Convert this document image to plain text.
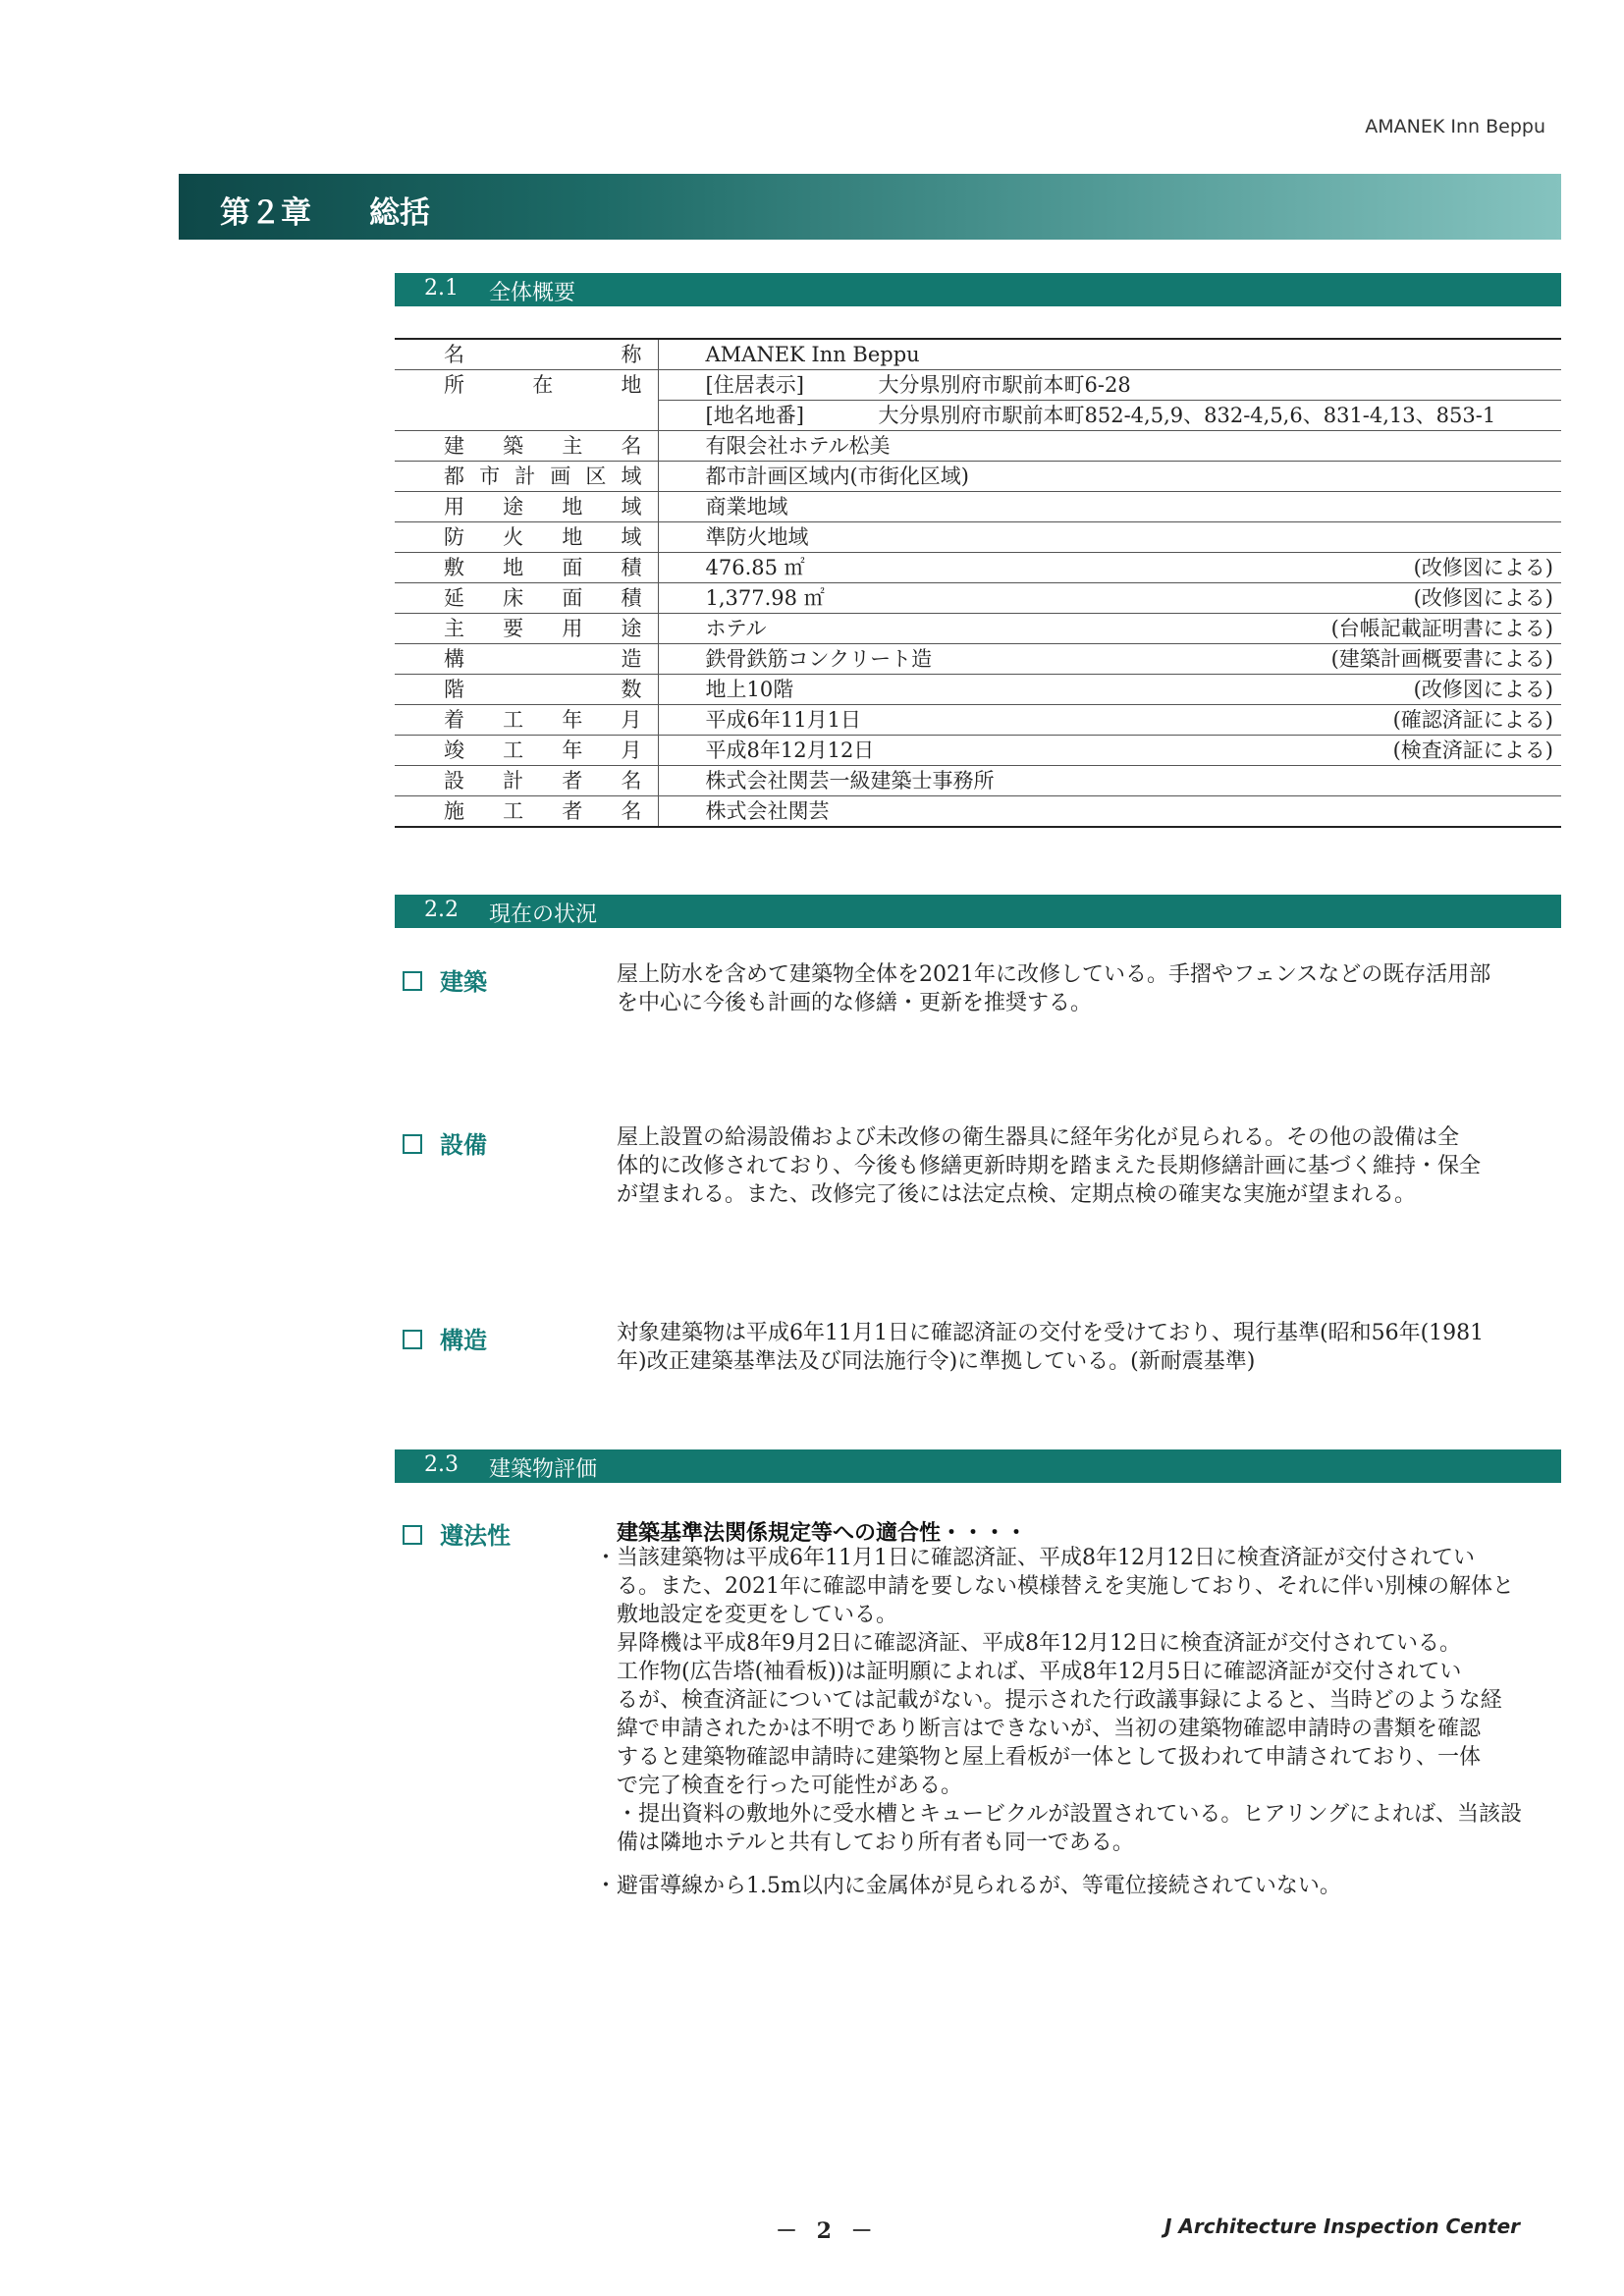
AMANEK Inn Beppu
第２章 総括
2.1 全体概要
名称	AMANEK Inn Beppu
所在地	[住居表示] 大分県別府市駅前本町6-28
	[地名地番] 大分県別府市駅前本町852-4,5,9、832-4,5,6、831-4,13、853-1
建築主名	有限会社ホテル松美
都市計画区域	都市計画区域内(市街化区域)
用途地域	商業地域
防火地域	準防火地域
敷地面積	476.85 ㎡ (改修図による)

延床面積	1,377.98 ㎡ (改修図による)

主要用途	ホテル (台帳記載証明書による)

構造	鉄骨鉄筋コンクリート造 (建築計画概要書による)

階数	地上10階 (改修図による)

着工年月	平成6年11月1日 (確認済証による)

竣工年月	平成8年12月12日 (検査済証による)

設計者名	株式会社関芸一級建築士事務所
施工者名	株式会社関芸
2.2 現在の状況
建築	屋上防水を含めて建築物全体を2021年に改修している。手摺やフェンスなどの既存活用部
を中心に今後も計画的な修繕・更新を推奨する。
設備	屋上設置の給湯設備および未改修の衛生器具に経年劣化が見られる。その他の設備は全
体的に改修されており、今後も修繕更新時期を踏まえた長期修繕計画に基づく維持・保全
が望まれる。また、改修完了後には法定点検、定期点検の確実な実施が望まれる。
構造	対象建築物は平成6年11月1日に確認済証の交付を受けており、現行基準(昭和56年(1981
年)改正建築基準法及び同法施行令)に準拠している。(新耐震基準)
2.3 建築物評価
遵法性	建築基準法関係規定等への適合性・・・・
・ 当該建築物は平成6年11月1日に確認済証、平成8年12月12日に検査済証が交付されてい
る。また、2021年に確認申請を要しない模様替えを実施しており、それに伴い別棟の解体と
敷地設定を変更をしている。
昇降機は平成8年9月2日に確認済証、平成8年12月12日に検査済証が交付されている。
工作物(広告塔(袖看板))は証明願によれば、平成8年12月5日に確認済証が交付されてい
るが、検査済証については記載がない。提示された行政議事録によると、当時どのような経
緯で申請されたかは不明であり断言はできないが、当初の建築物確認申請時の書類を確認
すると建築物確認申請時に建築物と屋上看板が一体として扱われて申請されており、一体
で完了検査を行った可能性がある。
・提出資料の敷地外に受水槽とキュービクルが設置されている。ヒアリングによれば、当該設
備は隣地ホテルと共有しており所有者も同一である。
・ 避雷導線から1.5m以内に金属体が見られるが、等電位接続されていない。
－ 2 －	J Architecture Inspection Center
